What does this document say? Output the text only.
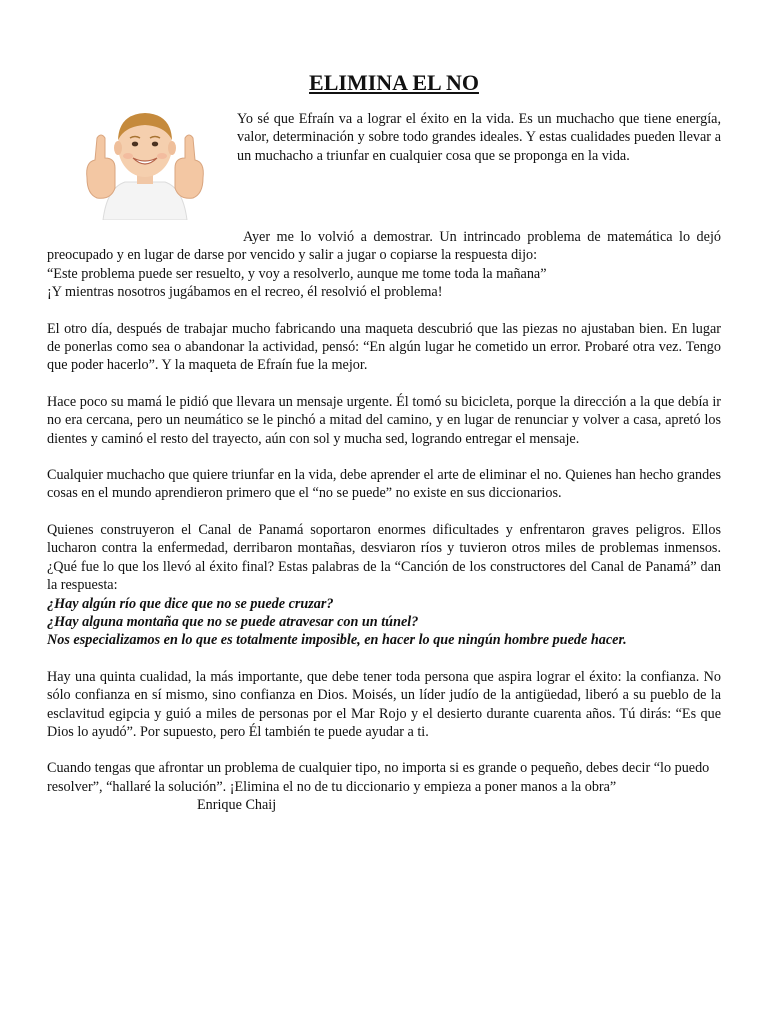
ELIMINA EL NO

Yo sé que Efraín va a lograr el éxito en la vida. Es un muchacho que tiene energía, valor, determinación y sobre todo grandes ideales. Y estas cualidades pueden llevar a un muchacho a triunfar en cualquier cosa que se proponga en la vida.

Ayer me lo volvió a demostrar. Un intrincado problema de matemática lo dejó preocupado y en lugar de darse por vencido y salir a jugar o copiarse la respuesta dijo:

“Este problema puede ser resuelto, y voy a resolverlo, aunque me tome toda la mañana”

¡Y mientras nosotros jugábamos en el recreo, él resolvió el problema!

El otro día, después de trabajar mucho fabricando una maqueta descubrió que las piezas no ajustaban bien. En lugar de ponerlas como sea o abandonar la actividad, pensó: “En algún lugar he cometido un error. Probaré otra vez. Tengo que poder hacerlo”. Y la maqueta de Efraín fue la mejor.

Hace poco su mamá le pidió que llevara un mensaje urgente. Él tomó su bicicleta, porque la dirección a la que debía ir no era cercana, pero un neumático se le pinchó a mitad del camino, y en lugar de renunciar y volver a casa, apretó los dientes y caminó el resto del trayecto, aún con sol y mucha sed, logrando entregar el mensaje.

Cualquier muchacho que quiere triunfar en la vida, debe aprender el arte de eliminar el no. Quienes han hecho grandes cosas en el mundo aprendieron primero que el “no se puede” no existe en sus diccionarios.

Quienes construyeron el Canal de Panamá soportaron enormes dificultades y enfrentaron graves peligros. Ellos lucharon contra la enfermedad, derribaron montañas, desviaron ríos y tuvieron otros miles de problemas inmensos. ¿Qué fue lo que los llevó al éxito final? Estas palabras de la “Canción de los constructores del Canal de Panamá” dan la respuesta:

¿Hay algún río que dice que no se puede cruzar?

¿Hay alguna montaña que no se puede atravesar con un túnel?

Nos especializamos en lo que es totalmente imposible, en hacer lo que ningún hombre puede hacer.

Hay una quinta cualidad, la más importante, que debe tener toda persona que aspira lograr el éxito: la confianza. No sólo confianza en sí mismo, sino confianza en Dios. Moisés, un líder judío de la antigüedad, liberó a su pueblo de la esclavitud egipcia y guió a miles de personas por el Mar Rojo y el desierto durante cuarenta años. Tú dirás: “Es que Dios lo ayudó”. Por supuesto, pero Él también te puede ayudar a ti.

Cuando tengas que afrontar un problema de cualquier tipo, no importa si es grande o pequeño, debes decir “lo puedo resolver”, “hallaré la solución”. ¡Elimina el no de tu diccionario y empieza a poner manos a la obra” Enrique Chaij
